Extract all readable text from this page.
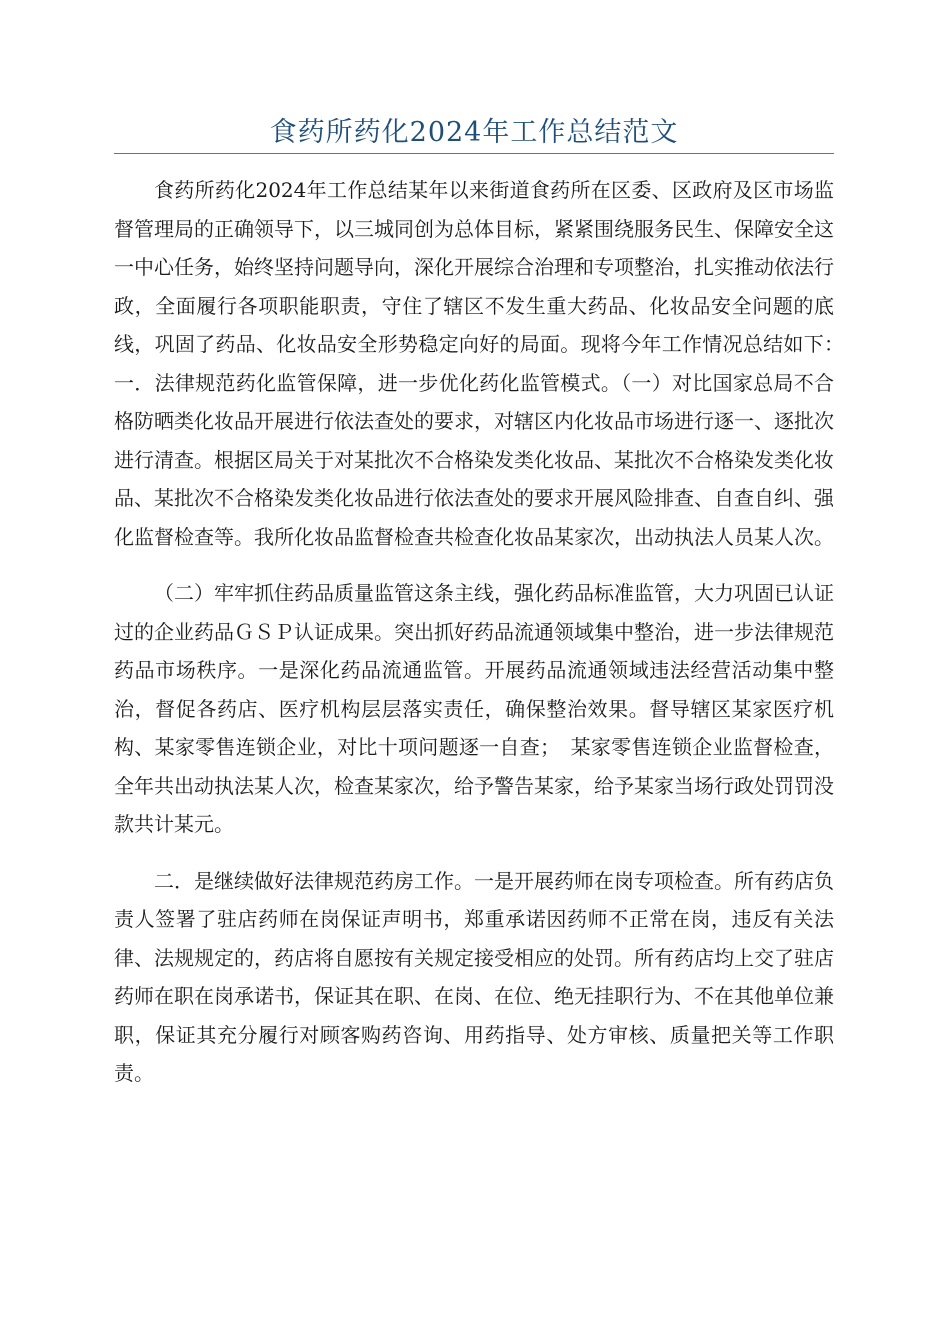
食药所药化2024年工作总结范文

食药所药化2024年工作总结某年以来街道食药所在区委、区政府及区市场监督管理局的正确领导下，以三城同创为总体目标，紧紧围绕服务民生、保障安全这一中心任务，始终坚持问题导向，深化开展综合治理和专项整治，扎实推动依法行政，全面履行各项职能职责，守住了辖区不发生重大药品、化妆品安全问题的底线，巩固了药品、化妆品安全形势稳定向好的局面。现将今年工作情况总结如下：　一．法律规范药化监管保障，进一步优化药化监管模式。（一）对比国家总局不合格防晒类化妆品开展进行依法查处的要求，对辖区内化妆品市场进行逐一、逐批次进行清查。根据区局关于对某批次不合格染发类化妆品、某批次不合格染发类化妆品、某批次不合格染发类化妆品进行依法查处的要求开展风险排查、自查自纠、强化监督检查等。我所化妆品监督检查共检查化妆品某家次，出动执法人员某人次。

（二）牢牢抓住药品质量监管这条主线，强化药品标准监管，大力巩固已认证过的企业药品ＧＳＰ认证成果。突出抓好药品流通领域集中整治，进一步法律规范药品市场秩序。一是深化药品流通监管。开展药品流通领域违法经营活动集中整治，督促各药店、医疗机构层层落实责任，确保整治效果。督导辖区某家医疗机构、某家零售连锁企业，对比十项问题逐一自查；　某家零售连锁企业监督检查，全年共出动执法某人次，检查某家次，给予警告某家，给予某家当场行政处罚罚没款共计某元。

二．是继续做好法律规范药房工作。一是开展药师在岗专项检查。所有药店负责人签署了驻店药师在岗保证声明书，郑重承诺因药师不正常在岗，违反有关法律、法规规定的，药店将自愿按有关规定接受相应的处罚。所有药店均上交了驻店药师在职在岗承诺书，保证其在职、在岗、在位、绝无挂职行为、不在其他单位兼职，保证其充分履行对顾客购药咨询、用药指导、处方审核、质量把关等工作职责。
